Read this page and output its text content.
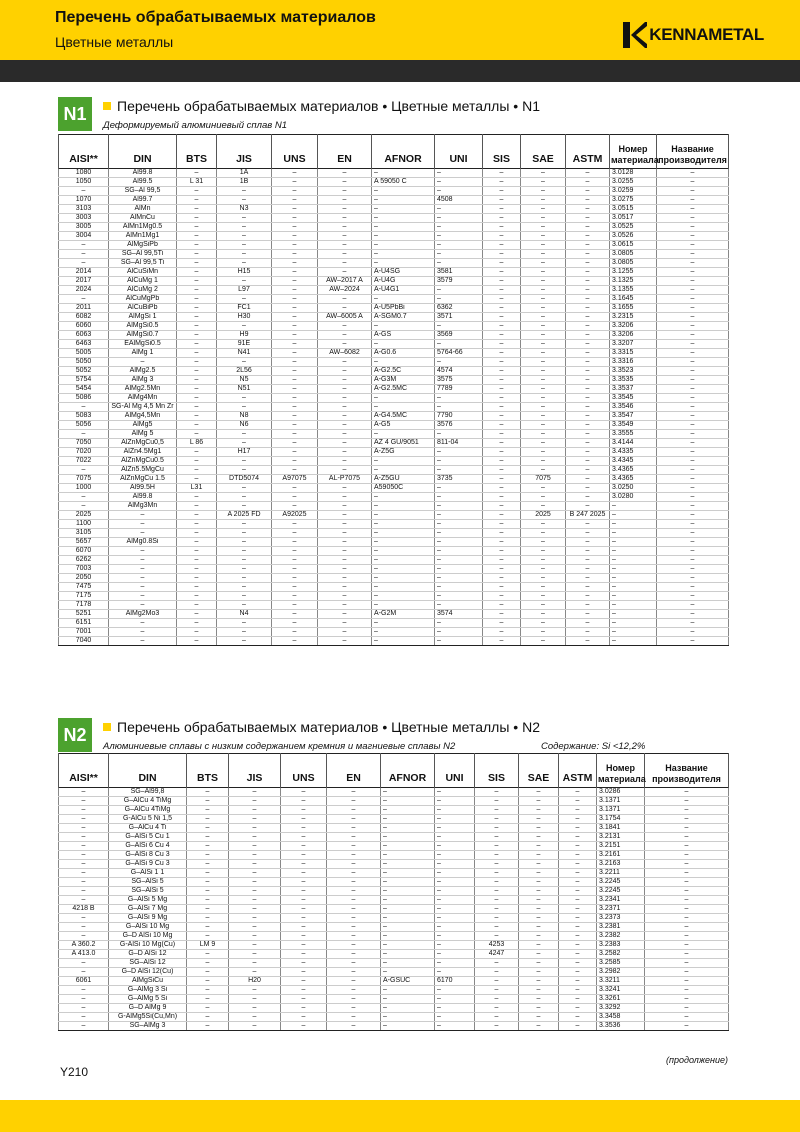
Перечень обрабатываемых материалов
Цветные металлы	KENNAMETAL
N1	Перечень обрабатываемых материалов • Цветные металлы • N1
Деформируемый алюминиевый сплав N1
AISI**	DIN	BTS	JIS	UNS	EN	AFNOR	UNI	SIS	SAE	ASTM	Номер материала	Название производителя
1080	Al99.8	–	1A	–	–	–	–	–	–	–	3.0128	–
1050	Al99.5	L 31	1B	–	–	A 59050 C	–	–	–	–	3.0255	–
–	SG–Al 99,5	–	–	–	–	–	–	–	–	–	3.0259	–
1070	Al99.7	–	–	–	–	–	4508	–	–	–	3.0275	–
3103	AlMn	–	N3	–	–	–	–	–	–	–	3.0515	–
3003	AlMnCu	–	–	–	–	–	–	–	–	–	3.0517	–
3005	AlMn1Mg0.5	–	–	–	–	–	–	–	–	–	3.0525	–
3004	AlMn1Mg1	–	–	–	–	–	–	–	–	–	3.0526	–
–	AlMgSiPb	–	–	–	–	–	–	–	–	–	3.0615	–
–	SG–Al 99,5Ti	–	–	–	–	–	–	–	–	–	3.0805	–
–	SG–Al 99,5 Ti	–	–	–	–	–	–	–	–	–	3.0805	–
2014	AlCuSiMn	–	H15	–	–	A-U4SG	3581	–	–	–	3.1255	–
2017	AlCuMg 1	–	–	–	AW–2017 A	A-U4G	3579	–	–	–	3.1325	–
2024	AlCuMg 2	–	L97	–	AW–2024	A-U4G1	–	–	–	–	3.1355	–
–	AlCuMgPb	–	–	–	–	–	–	–	–	–	3.1645	–
2011	AlCuBiPb	–	FC1	–	–	A-U5PbBi	6362	–	–	–	3.1655	–
6082	AlMgSi 1	–	H30	–	AW–6005 A	A-SGM0.7	3571	–	–	–	3.2315	–
6060	AlMgSi0.5	–	–	–	–	–	–	–	–	–	3.3206	–
6063	AlMgSi0.7	–	H9	–	–	A-GS	3569	–	–	–	3.3206	–
6463	EAlMgSi0.5	–	91E	–	–	–	–	–	–	–	3.3207	–
5005	AlMg 1	–	N41	–	AW–6082	A-G0.6	5764-66	–	–	–	3.3315	–
5050	–	–	–	–	–	–	–	–	–	–	3.3316	–
5052	AlMg2.5	–	2L56	–	–	A-G2.5C	4574	–	–	–	3.3523	–
5754	AlMg 3	–	N5	–	–	A-G3M	3575	–	–	–	3.3535	–
5454	AlMg2.5Mn	–	N51	–	–	A-G2.5MC	7789	–	–	–	3.3537	–
5086	AlMg4Mn	–	–	–	–	–	–	–	–	–	3.3545	–
–	SG-Al Mg 4,5 Mn Zr	–	–	–	–	–	–	–	–	–	3.3546	–
5083	AlMg4,5Mn	–	N8	–	–	A-G4.5MC	7790	–	–	–	3.3547	–
5056	AlMg5	–	N6	–	–	A-G5	3576	–	–	–	3.3549	–
–	AlMg 5	–	–	–	–	–	–	–	–	–	3.3555	–
7050	AlZnMgCu0,5	L 86	–	–	–	AZ 4 GU/9051	811-04	–	–	–	3.4144	–
7020	AlZn4.5Mg1	–	H17	–	–	A-Z5G	–	–	–	–	3.4335	–
7022	AlZnMgCu0.5	–	–	–	–	–	–	–	–	–	3.4345	–
–	AlZn5.5MgCu	–	–	–	–	–	–	–	–	–	3.4365	–
7075	AlZnMgCu 1.5	–	DTD5074	A97075	AL-P7075	A-Z5GU	3735	–	7075	–	3.4365	–
1000	Al99.5H	L31	–	–	–	A59050C	–	–	–	–	3.0250	–
–	Al99.8	–	–	–	–	–	–	–	–	–	3.0280	–
–	AlMg3Mn	–	–	–	–	–	–	–	–	–	–	–
2025	–	–	A 2025 FD	A92025	–	–	–	–	2025	B 247 2025	–	–
1100	–	–	–	–	–	–	–	–	–	–	–	–
3105	–	–	–	–	–	–	–	–	–	–	–	–
5657	AlMg0.8Si	–	–	–	–	–	–	–	–	–	–	–
6070	–	–	–	–	–	–	–	–	–	–	–	–
6262	–	–	–	–	–	–	–	–	–	–	–	–
7003	–	–	–	–	–	–	–	–	–	–	–	–
2050	–	–	–	–	–	–	–	–	–	–	–	–
7475	–	–	–	–	–	–	–	–	–	–	–	–
7175	–	–	–	–	–	–	–	–	–	–	–	–
7178	–	–	–	–	–	–	–	–	–	–	–	–
5251	AlMg2Mo3	–	N4	–	–	A-G2M	3574	–	–	–	–	–
6151	–	–	–	–	–	–	–	–	–	–	–	–
7001	–	–	–	–	–	–	–	–	–	–	–	–
7040	–	–	–	–	–	–	–	–	–	–	–	–
N2	Перечень обрабатываемых материалов • Цветные металлы • N2
Алюминиевые сплавы с низким содержанием кремния и магниевые сплавы N2	Содержание: Si <12,2%
AISI**	DIN	BTS	JIS	UNS	EN	AFNOR	UNI	SIS	SAE	ASTM	Номер материала	Название производителя
–	SG–Al99,8	–	–	–	–	–	–	–	–	–	3.0286	–
–	G–AlCu 4 TiMg	–	–	–	–	–	–	–	–	–	3.1371	–
–	G–AlCu 4TiMg	–	–	–	–	–	–	–	–	–	3.1371	–
–	G-AlCu 5 Ni 1,5	–	–	–	–	–	–	–	–	–	3.1754	–
–	G–AlCu 4 Ti	–	–	–	–	–	–	–	–	–	3.1841	–
–	G–AlSi 5 Cu 1	–	–	–	–	–	–	–	–	–	3.2131	–
–	G–AlSi 6 Cu 4	–	–	–	–	–	–	–	–	–	3.2151	–
–	G–AlSi 8 Cu 3	–	–	–	–	–	–	–	–	–	3.2161	–
–	G–AlSi 9 Cu 3	–	–	–	–	–	–	–	–	–	3.2163	–
–	G–AlSi 1 1	–	–	–	–	–	–	–	–	–	3.2211	–
–	SG–AlSi 5	–	–	–	–	–	–	–	–	–	3.2245	–
–	SG–AlSi 5	–	–	–	–	–	–	–	–	–	3.2245	–
–	G–AlSi 5 Mg	–	–	–	–	–	–	–	–	–	3.2341	–
4218 B	G–AlSi 7 Mg	–	–	–	–	–	–	–	–	–	3.2371	–
–	G–AlSi 9 Mg	–	–	–	–	–	–	–	–	–	3.2373	–
–	G–AlSi 10 Mg	–	–	–	–	–	–	–	–	–	3.2381	–
–	G–D AlSi 10 Mg	–	–	–	–	–	–	–	–	–	3.2382	–
A 360.2	G-AlSi 10 Mg(Cu)	LM 9	–	–	–	–	–	4253	–	–	3.2383	–
A 413.0	G–D AlSi 12	–	–	–	–	–	–	4247	–	–	3.2582	–
–	SG–AlSi 12	–	–	–	–	–	–	–	–	–	3.2585	–
–	G–D AlSi 12(Cu)	–	–	–	–	–	–	–	–	–	3.2982	–
6061	AlMgSiCu	–	H20	–	–	A-GSUC	6170	–	–	–	3.3211	–
–	G–AlMg 3 Si	–	–	–	–	–	–	–	–	–	3.3241	–
–	G–AlMg 5 Si	–	–	–	–	–	–	–	–	–	3.3261	–
–	G–D AlMg 9	–	–	–	–	–	–	–	–	–	3.3292	–
–	G-AlMg5Si(Cu,Mn)	–	–	–	–	–	–	–	–	–	3.3458	–
–	SG–AlMg 3	–	–	–	–	–	–	–	–	–	3.3536	–
(продолжение)
Y210
